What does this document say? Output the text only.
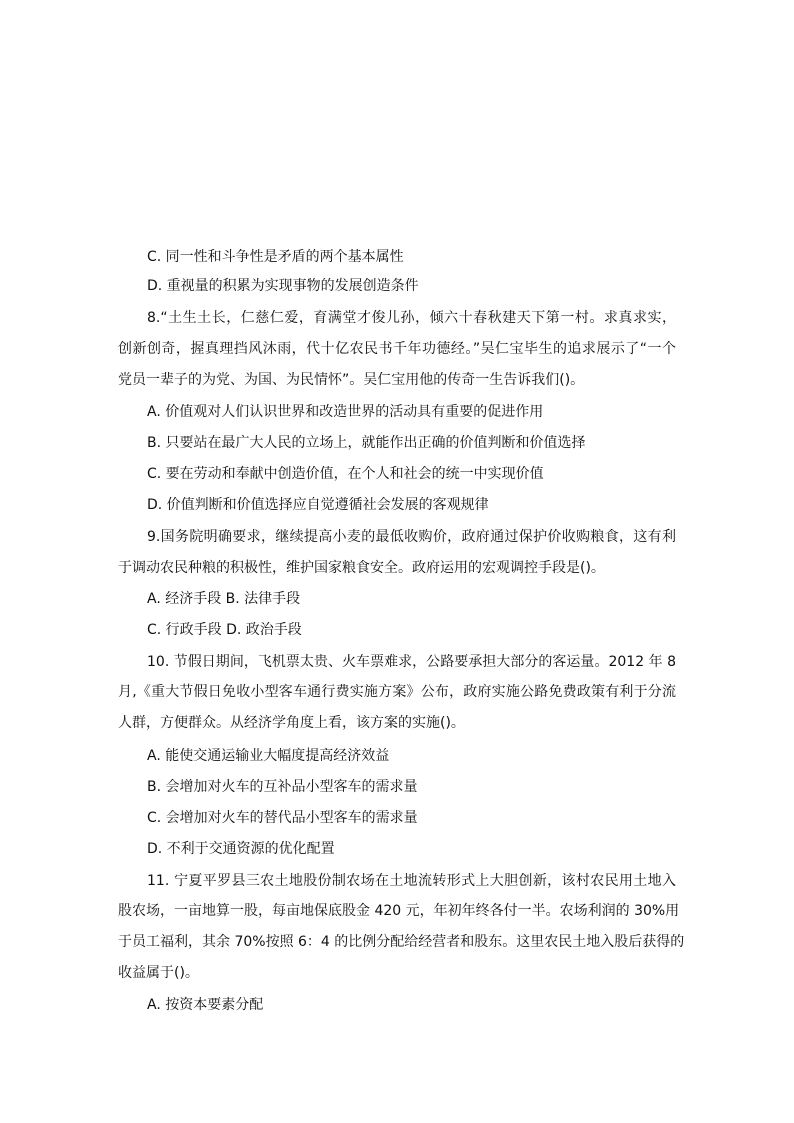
C. 同一性和斗争性是矛盾的两个基本属性
D. 重视量的积累为实现事物的发展创造条件
8.“土生土长，仁慈仁爱，育满堂才俊儿孙，倾六十春秋建天下第一村。求真求实，
创新创奇，握真理挡风沐雨，代十亿农民书千年功德经。”吴仁宝毕生的追求展示了“一个
党员一辈子的为党、为国、为民情怀”。吴仁宝用他的传奇一生告诉我们()。
A. 价值观对人们认识世界和改造世界的活动具有重要的促进作用
B. 只要站在最广大人民的立场上，就能作出正确的价值判断和价值选择
C. 要在劳动和奉献中创造价值，在个人和社会的统一中实现价值
D. 价值判断和价值选择应自觉遵循社会发展的客观规律
9.国务院明确要求，继续提高小麦的最低收购价，政府通过保护价收购粮食，这有利
于调动农民种粮的积极性，维护国家粮食安全。政府运用的宏观调控手段是()。
A. 经济手段 B. 法律手段
C. 行政手段 D. 政治手段
10. 节假日期间，飞机票太贵、火车票难求，公路要承担大部分的客运量。2012 年 8
月,《重大节假日免收小型客车通行费实施方案》公布，政府实施公路免费政策有利于分流
人群，方便群众。从经济学角度上看，该方案的实施()。
A. 能使交通运输业大幅度提高经济效益
B. 会增加对火车的互补品小型客车的需求量
C. 会增加对火车的替代品小型客车的需求量
D. 不利于交通资源的优化配置
11. 宁夏平罗县三农土地股份制农场在土地流转形式上大胆创新，该村农民用土地入
股农场，一亩地算一股，每亩地保底股金 420 元，年初年终各付一半。农场利润的 30%用
于员工福利，其余 70%按照 6：4 的比例分配给经营者和股东。这里农民土地入股后获得的
收益属于()。
A. 按资本要素分配
